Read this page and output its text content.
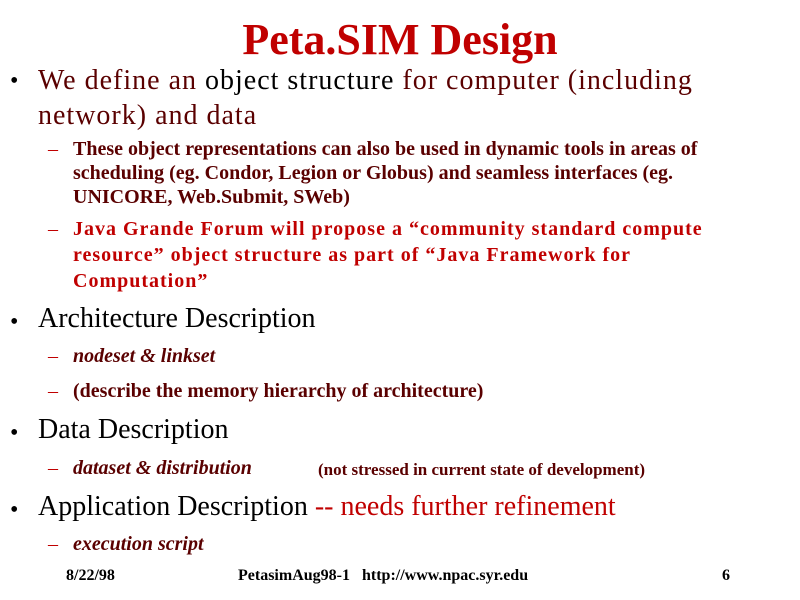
Peta.SIM Design
• We define an object structure for computer (including
network) and data
– These object representations can also be used in dynamic tools in areas of
scheduling (eg. Condor, Legion or Globus) and seamless interfaces (eg.
UNICORE, Web.Submit, SWeb)
– Java Grande Forum will propose a “community standard compute
resource” object structure as part of “Java Framework for
Computation”
• Architecture Description
– nodeset & linkset
– (describe the memory hierarchy of architecture)
• Data Description
– dataset & distribution	(not stressed in current state of development)
• Application Description -- needs further refinement
– execution script
8/22/98	PetasimAug98-1   http://www.npac.syr.edu	6
